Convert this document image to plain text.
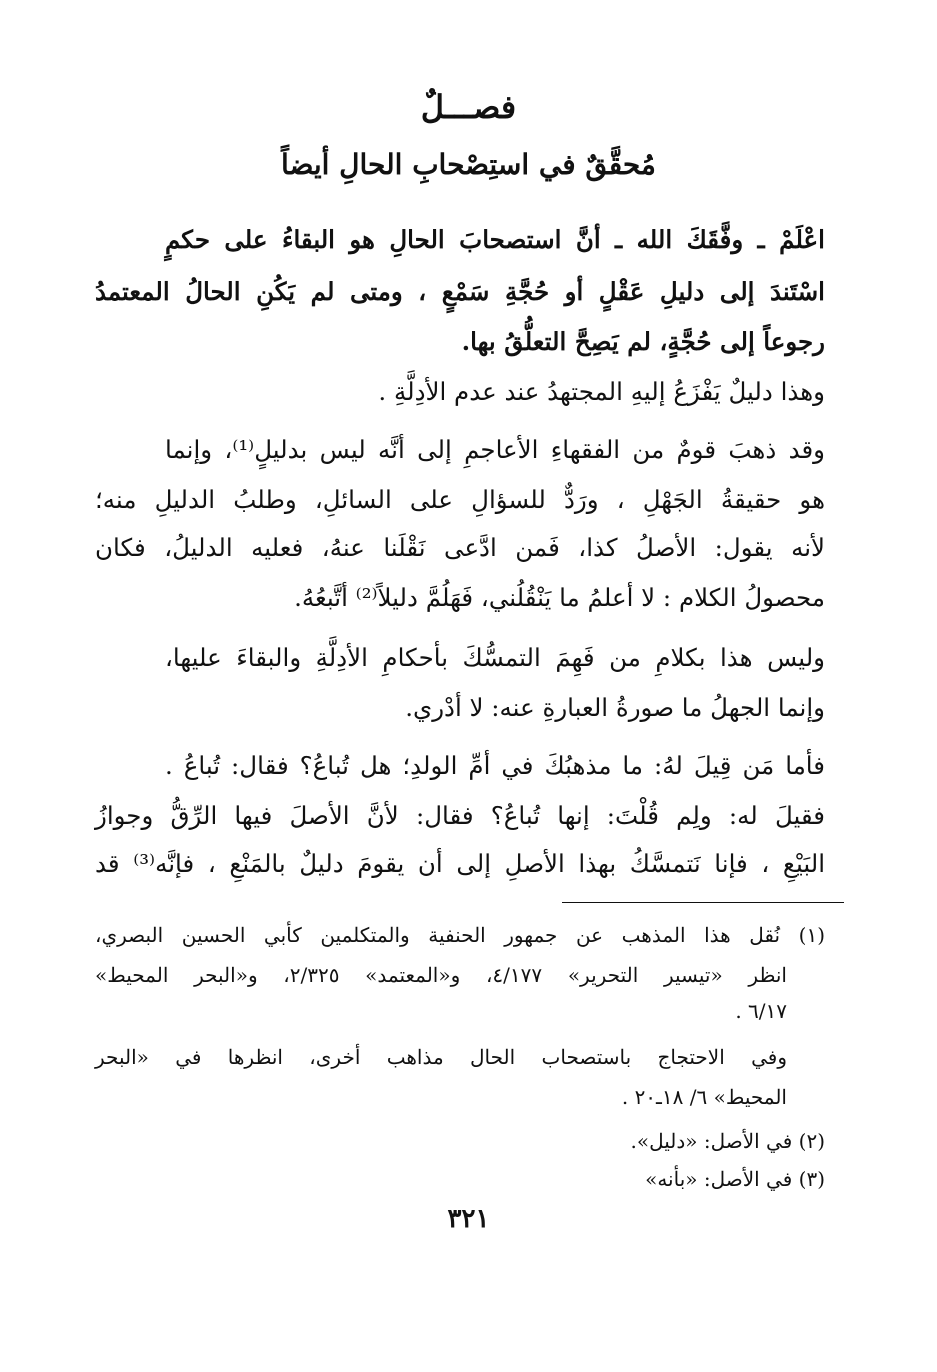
فصـــلٌ
مُحقَّقٌ في استِصْحابِ الحالِ أيضاً
اعْلَمْ ـ وفَّقَكَ الله ـ أنَّ استصحابَ الحالِ هو البقاءُ على حكمٍ
اسْتَندَ إلى دليلِ عَقْلٍ أو حُجَّةِ سَمْعٍ ، ومتى لم يَكُنِ الحالُ المعتمدُ
رجوعاً إلى حُجَّةٍ، لم يَصِحَّ التعلُّقُ بها.
وهذا دليلٌ يَفْزَعُ إليهِ المجتهدُ عند عدم الأدِلَّةِ .
وقد ذهبَ قومٌ من الفقهاءِ الأعاجمِ إلى أنَّه ليس بدليلٍ⁽¹⁾، وإنما
هو حقيقةُ الجَهْلِ ، ورَدٌّ للسؤالِ على السائلِ، وطلبُ الدليلِ منه؛
لأنه يقول: الأصلُ كذا، فَمن ادَّعى نَقْلَنا عنهُ، فعليه الدليلُ، فكان
محصولُ الكلام : لا أعلمُ ما يَنْقُلُني، فَهَلُمَّ دليلاً⁽²⁾ أتَّبعُهُ.
وليس هذا بكلامِ من فَهِمَ التمسُّكَ بأحكامِ الأدِلَّةِ والبقاءَ عليها،
وإنما الجهلُ ما صورةُ العبارةِ عنه: لا أدْري.
فأما مَن قِيلَ لهُ: ما مذهبُكَ في أمِّ الولدِ؛ هل تُباعُ؟ فقال: تُباعُ .
فقيلَ له: ولِم قُلْتَ: إنها تُباعُ؟ فقال: لأنَّ الأصلَ فيها الرِّقُّ وجوازُ
البَيْعِ ، فإنا نَتمسَّكُ بهذا الأصلِ إلى أن يقومَ دليلٌ بالمَنْعِ ، فإنَّه⁽³⁾ قد
(١) نُقل هذا المذهب عن جمهور الحنفية والمتكلمين كأبي الحسين البصري،
انظر «تيسير التحرير» ٤/١٧٧، و«المعتمد» ٢/٣٢٥، و«البحر المحيط»
٦/١٧ .
وفي الاحتجاج باستصحاب الحال مذاهب أخرى، انظرها في «البحر
المحيط» ٦/ ١٨ـ٢٠ .
(٢) في الأصل: «دليل».
(٣) في الأصل: «بأنه»
٣٢١
